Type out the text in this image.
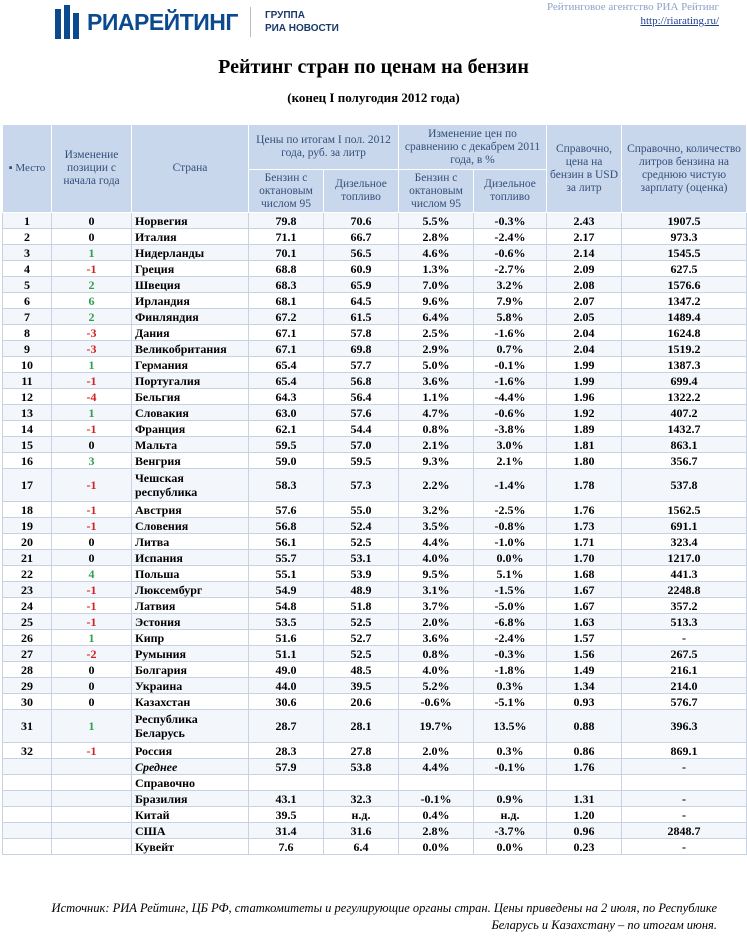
РИАРЕЙТИНГ	ГРУППА
РИА НОВОСТИ
Рейтинговое агентство РИА Рейтинг
http://riarating.ru/
Рейтинг стран по ценам на бензин
(конец I полугодия 2012 года)
▪ Место	Изменение позиции с начала года	Страна	Цены по итогам I пол. 2012 года, руб. за литр		Изменение цен по сравнению с декабрем 2011 года, в %		Справочно, цена на бензин в USD за литр	Справочно, количество литров бензина на среднюю чистую зарплату (оценка)
			Бензин с октановым числом 95	Дизельное топливо	Бензин с октановым числом 95	Дизельное топливо		
1	0	Норвегия	79.8	70.6	5.5%	-0.3%	2.43	1907.5
2	0	Италия	71.1	66.7	2.8%	-2.4%	2.17	973.3
3	1	Нидерланды	70.1	56.5	4.6%	-0.6%	2.14	1545.5
4	-1	Греция	68.8	60.9	1.3%	-2.7%	2.09	627.5
5	2	Швеция	68.3	65.9	7.0%	3.2%	2.08	1576.6
6	6	Ирландия	68.1	64.5	9.6%	7.9%	2.07	1347.2
7	2	Финляндия	67.2	61.5	6.4%	5.8%	2.05	1489.4
8	-3	Дания	67.1	57.8	2.5%	-1.6%	2.04	1624.8
9	-3	Великобритания	67.1	69.8	2.9%	0.7%	2.04	1519.2
10	1	Германия	65.4	57.7	5.0%	-0.1%	1.99	1387.3
11	-1	Португалия	65.4	56.8	3.6%	-1.6%	1.99	699.4
12	-4	Бельгия	64.3	56.4	1.1%	-4.4%	1.96	1322.2
13	1	Словакия	63.0	57.6	4.7%	-0.6%	1.92	407.2
14	-1	Франция	62.1	54.4	0.8%	-3.8%	1.89	1432.7
15	0	Мальта	59.5	57.0	2.1%	3.0%	1.81	863.1
16	3	Венгрия	59.0	59.5	9.3%	2.1%	1.80	356.7
17	-1	Чешская республика	58.3	57.3	2.2%	-1.4%	1.78	537.8
18	-1	Австрия	57.6	55.0	3.2%	-2.5%	1.76	1562.5
19	-1	Словения	56.8	52.4	3.5%	-0.8%	1.73	691.1
20	0	Литва	56.1	52.5	4.4%	-1.0%	1.71	323.4
21	0	Испания	55.7	53.1	4.0%	0.0%	1.70	1217.0
22	4	Польша	55.1	53.9	9.5%	5.1%	1.68	441.3
23	-1	Люксембург	54.9	48.9	3.1%	-1.5%	1.67	2248.8
24	-1	Латвия	54.8	51.8	3.7%	-5.0%	1.67	357.2
25	-1	Эстония	53.5	52.5	2.0%	-6.8%	1.63	513.3
26	1	Кипр	51.6	52.7	3.6%	-2.4%	1.57	-
27	-2	Румыния	51.1	52.5	0.8%	-0.3%	1.56	267.5
28	0	Болгария	49.0	48.5	4.0%	-1.8%	1.49	216.1
29	0	Украина	44.0	39.5	5.2%	0.3%	1.34	214.0
30	0	Казахстан	30.6	20.6	-0.6%	-5.1%	0.93	576.7
31	1	Республика Беларусь	28.7	28.1	19.7%	13.5%	0.88	396.3
32	-1	Россия	28.3	27.8	2.0%	0.3%	0.86	869.1
		Среднее	57.9	53.8	4.4%	-0.1%	1.76	-
		Справочно						
		Бразилия	43.1	32.3	-0.1%	0.9%	1.31	-
		Китай	39.5	н.д.	0.4%	н.д.	1.20	-
		США	31.4	31.6	2.8%	-3.7%	0.96	2848.7
		Кувейт	7.6	6.4	0.0%	0.0%	0.23	-
Источник: РИА Рейтинг, ЦБ РФ, статкомитеты и регулирующие органы стран. Цены приведены на 2 июля, по Республике Беларусь и Казахстану – по итогам июня.
